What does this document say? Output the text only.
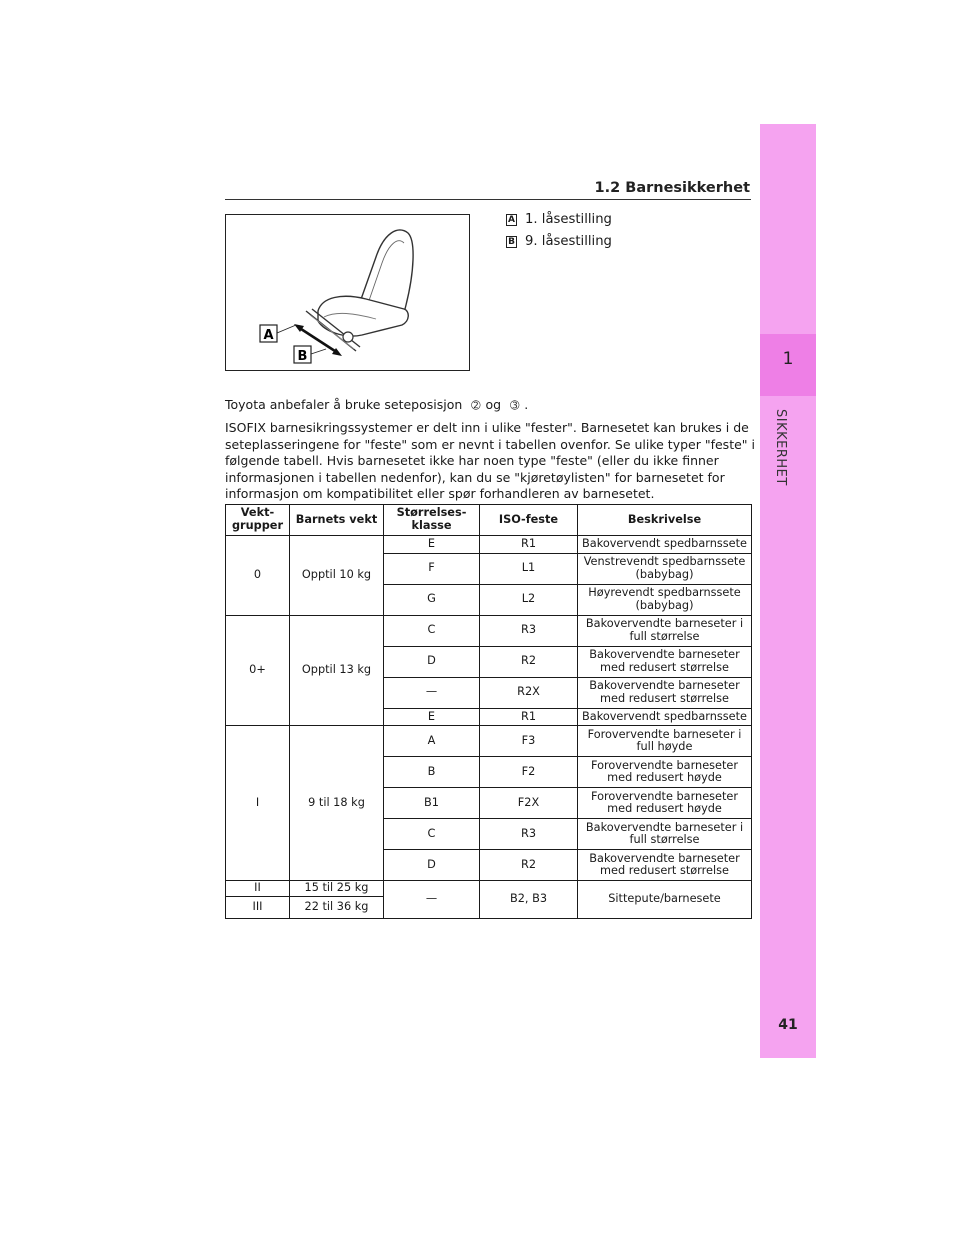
1
SIKKERHET
41
1.2 Barnesikkerhet
A
B
A 1. låsestilling
B 9. låsestilling
Toyota anbefaler å bruke seteposisjon ➁ og ➂ .
ISOFIX barnesikringssystemer er delt inn i ulike "fester". Barnesetet kan brukes i de
seteplasseringene for "feste" som er nevnt i tabellen ovenfor. Se ulike typer "feste" i
følgende tabell. Hvis barnesetet ikke har noen type "feste" (eller du ikke finner
informasjonen i tabellen nedenfor), kan du se "kjøretøylisten" for barnesetet for
informasjon om kompatibilitet eller spør forhandleren av barnesetet.
Vekt-
grupper	Barnets vekt	Størrelses-
klasse	ISO-feste	Beskrivelse
0	Opptil 10 kg	E	R1	Bakovervendt spedbarnssete
		F	L1	Venstrevendt spedbarnssete
(babybag)
		G	L2	Høyrevendt spedbarnssete
(babybag)
0+	Opptil 13 kg	C	R3	Bakovervendte barneseter i
full størrelse
		D	R2	Bakovervendte barneseter
med redusert størrelse
		—	R2X	Bakovervendte barneseter
med redusert størrelse
		E	R1	Bakovervendt spedbarnssete
I	9 til 18 kg	A	F3	Forovervendte barneseter i
full høyde
		B	F2	Forovervendte barneseter
med redusert høyde
		B1	F2X	Forovervendte barneseter
med redusert høyde
		C	R3	Bakovervendte barneseter i
full størrelse
		D	R2	Bakovervendte barneseter
med redusert størrelse
II	15 til 25 kg	—	B2, B3	Sittepute/barnesete
III	22 til 36 kg			
